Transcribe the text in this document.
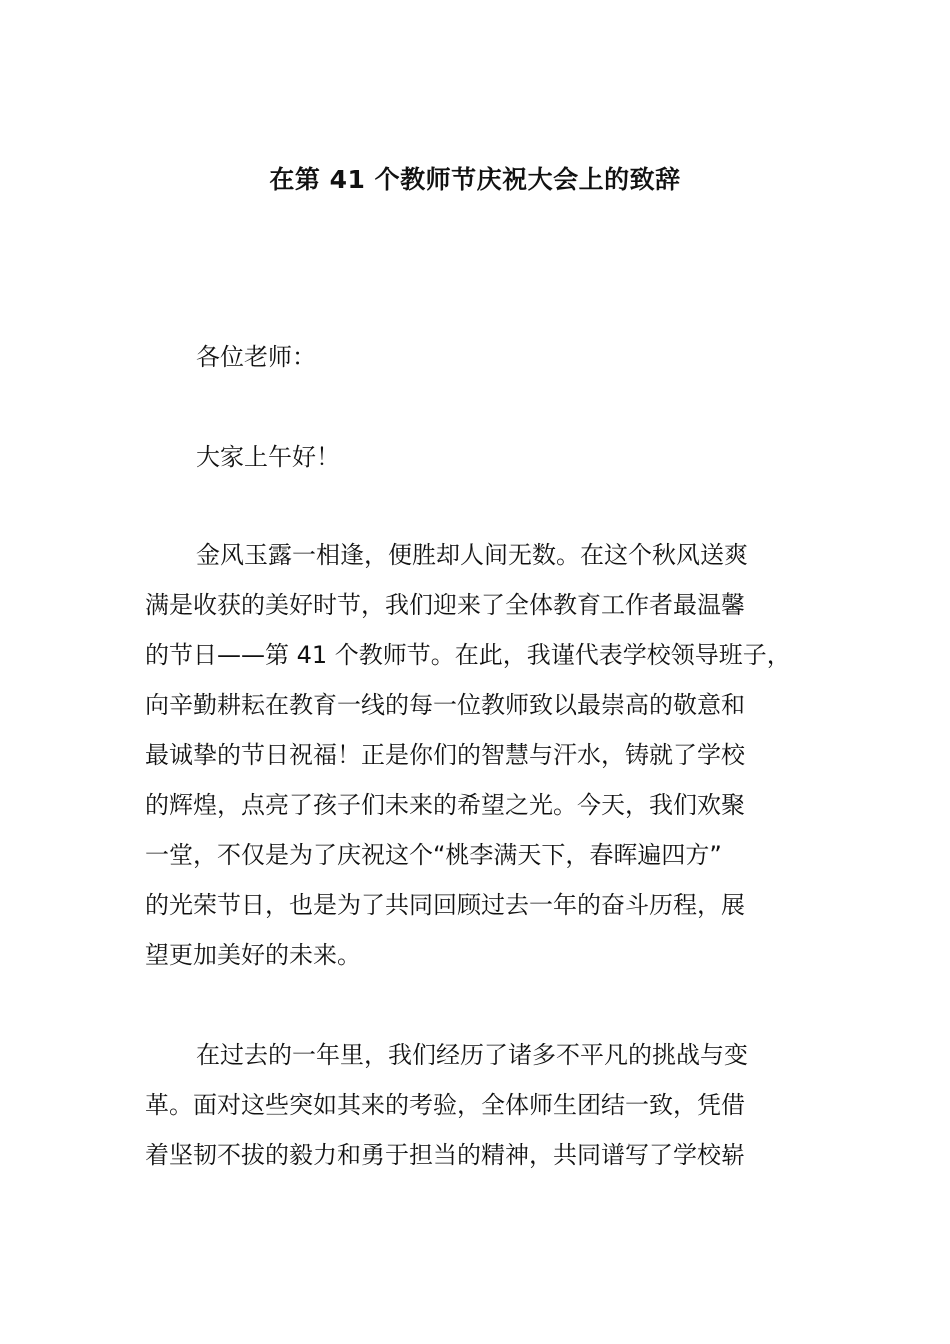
在第 41 个教师节庆祝大会上的致辞

各位老师：

大家上午好！

金风玉露一相逢，便胜却人间无数。在这个秋风送爽
满是收获的美好时节，我们迎来了全体教育工作者最温馨
的节日——第 41 个教师节。在此，我谨代表学校领导班子，
向辛勤耕耘在教育一线的每一位教师致以最崇高的敬意和
最诚挚的节日祝福！正是你们的智慧与汗水，铸就了学校
的辉煌，点亮了孩子们未来的希望之光。今天，我们欢聚
一堂，不仅是为了庆祝这个“桃李满天下，春晖遍四方”
的光荣节日，也是为了共同回顾过去一年的奋斗历程，展
望更加美好的未来。

在过去的一年里，我们经历了诸多不平凡的挑战与变
革。面对这些突如其来的考验，全体师生团结一致，凭借
着坚韧不拔的毅力和勇于担当的精神，共同谱写了学校崭
